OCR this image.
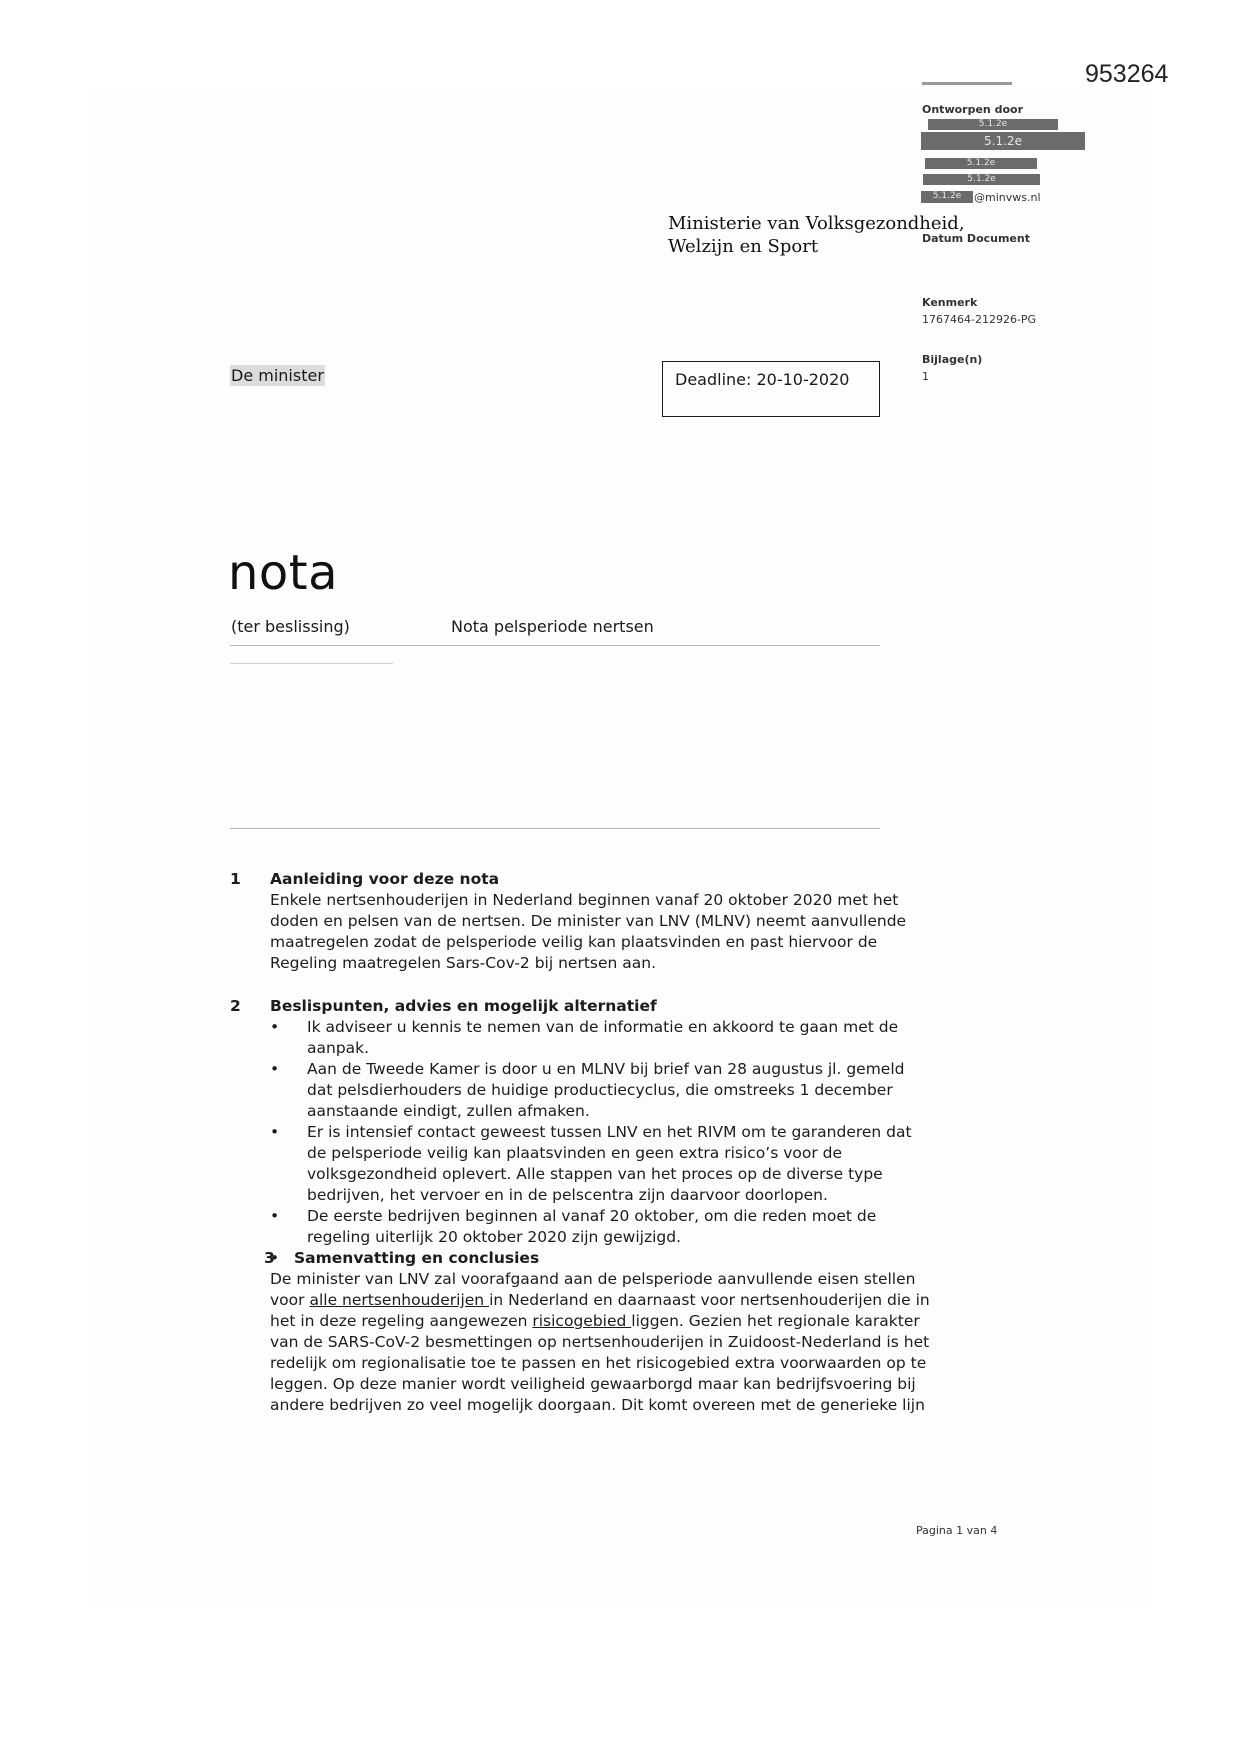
953264
Ontworpen door
5.1.2e
5.1.2e
5.1.2e
5.1.2e
5.1.2e	@minvws.nl
Datum Document
Kenmerk
1767464-212926-PG
Bijlage(n)
1
Ministerie van Volksgezondheid,
Welzijn en Sport
De minister	Deadline: 20-10-2020
nota
(ter beslissing)	Nota pelsperiode nertsen
1 Aanleiding voor deze nota
Enkele nertsenhouderijen in Nederland beginnen vanaf 20 oktober 2020 met het doden en pelsen van de nertsen. De minister van LNV (MLNV) neemt aanvullende maatregelen zodat de pelsperiode veilig kan plaatsvinden en past hiervoor de Regeling maatregelen Sars-Cov-2 bij nertsen aan.
2 Beslispunten, advies en mogelijk alternatief
• Ik adviseer u kennis te nemen van de informatie en akkoord te gaan met de aanpak.
• Aan de Tweede Kamer is door u en MLNV bij brief van 28 augustus jl. gemeld dat pelsdierhouders de huidige productiecyclus, die omstreeks 1 december aanstaande eindigt, zullen afmaken.
• Er is intensief contact geweest tussen LNV en het RIVM om te garanderen dat de pelsperiode veilig kan plaatsvinden en geen extra risico’s voor de volksgezondheid oplevert. Alle stappen van het proces op de diverse type bedrijven, het vervoer en in de pelscentra zijn daarvoor doorlopen.
• De eerste bedrijven beginnen al vanaf 20 oktober, om die reden moet de regeling uiterlijk 20 oktober 2020 zijn gewijzigd.
3 Samenvatting en conclusies
De minister van LNV zal voorafgaand aan de pelsperiode aanvullende eisen stellen voor alle nertsenhouderijen in Nederland en daarnaast voor nertsenhouderijen die in het in deze regeling aangewezen risicogebied liggen. Gezien het regionale karakter van de SARS-CoV-2 besmettingen op nertsenhouderijen in Zuidoost-Nederland is het redelijk om regionalisatie toe te passen en het risicogebied extra voorwaarden op te leggen. Op deze manier wordt veiligheid gewaarborgd maar kan bedrijfsvoering bij andere bedrijven zo veel mogelijk doorgaan. Dit komt overeen met de generieke lijn
Pagina 1 van 4
